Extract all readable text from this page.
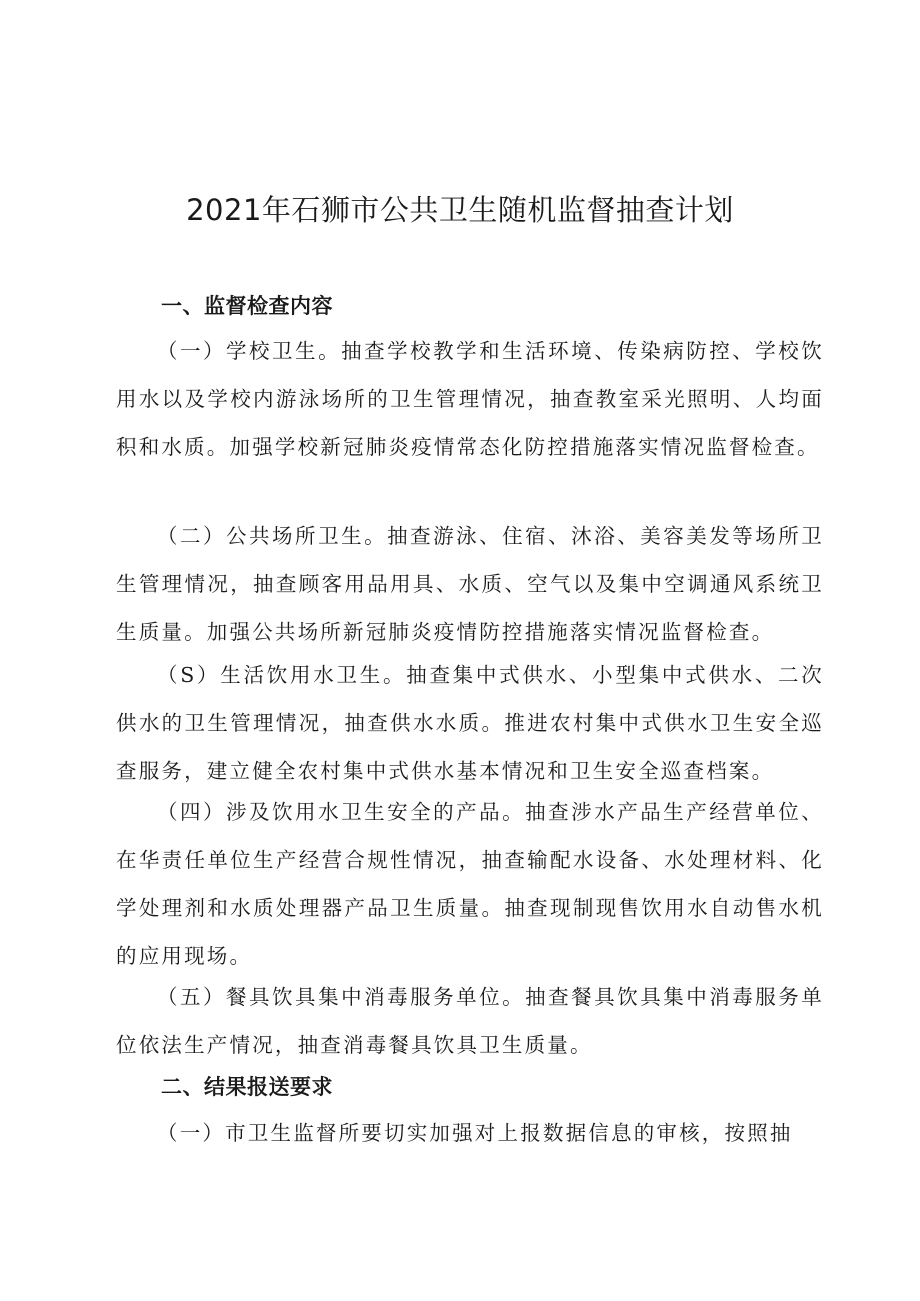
2021年石狮市公共卫生随机监督抽查计划
一、监督检查内容

（一）学校卫生。抽查学校教学和生活环境、传染病防控、学校饮用水以及学校内游泳场所的卫生管理情况，抽查教室采光照明、人均面积和水质。加强学校新冠肺炎疫情常态化防控措施落实情况监督检查。

（二）公共场所卫生。抽查游泳、住宿、沐浴、美容美发等场所卫生管理情况，抽查顾客用品用具、水质、空气以及集中空调通风系统卫生质量。加强公共场所新冠肺炎疫情防控措施落实情况监督检查。

（S）生活饮用水卫生。抽查集中式供水、小型集中式供水、二次供水的卫生管理情况，抽查供水水质。推进农村集中式供水卫生安全巡查服务，建立健全农村集中式供水基本情况和卫生安全巡查档案。

（四）涉及饮用水卫生安全的产品。抽查涉水产品生产经营单位、在华责任单位生产经营合规性情况，抽查输配水设备、水处理材料、化学处理剂和水质处理器产品卫生质量。抽查现制现售饮用水自动售水机的应用现场。

（五）餐具饮具集中消毒服务单位。抽查餐具饮具集中消毒服务单位依法生产情况，抽查消毒餐具饮具卫生质量。

二、结果报送要求

（一）市卫生监督所要切实加强对上报数据信息的审核，按照抽
